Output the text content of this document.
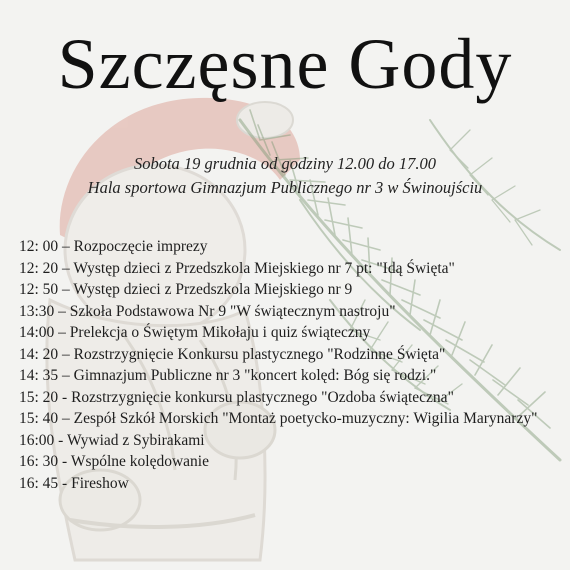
Szczęsne Gody
Sobota 19 grudnia od godziny 12.00 do 17.00
Hala sportowa Gimnazjum Publicznego nr 3 w Świnoujściu
12: 00 – Rozpoczęcie imprezy
12: 20 – Występ dzieci z Przedszkola Miejskiego nr 7 pt: "Idą Święta"
12: 50 – Występ dzieci z Przedszkola Miejskiego nr 9
13:30 – Szkoła Podstawowa Nr 9 "W świątecznym nastroju"
14:00 – Prelekcja o Świętym Mikołaju i quiz świąteczny
14: 20 – Rozstrzygnięcie Konkursu plastycznego "Rodzinne Święta"
14: 35 – Gimnazjum Publiczne nr 3 "koncert kolęd: Bóg się rodzi."
15: 20 - Rozstrzygnięcie konkursu plastycznego "Ozdoba świąteczna"
15: 40 – Zespół Szkół Morskich "Montaż poetycko-muzyczny: Wigilia Marynarzy"
16:00 - Wywiad z Sybirakami
16: 30 - Wspólne kolędowanie
16: 45 - Fireshow
